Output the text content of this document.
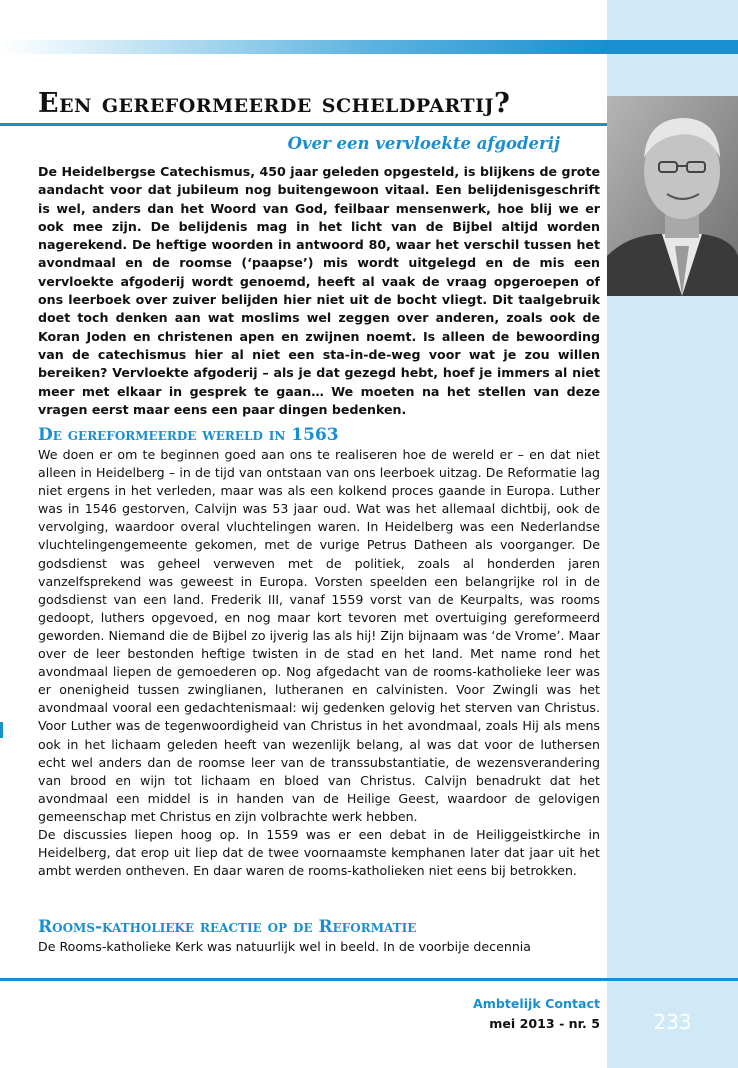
Een gereformeerde scheldpartij?
Over een vervloekte afgoderij

De Heidelbergse Catechismus, 450 jaar geleden opgesteld, is blijkens de grote aandacht voor dat jubileum nog buitengewoon vitaal. Een belijdenisgeschrift is wel, anders dan het Woord van God, feilbaar mensenwerk, hoe blij we er ook mee zijn. De belijdenis mag in het licht van de Bijbel altijd worden nagerekend. De heftige woorden in antwoord 80, waar het verschil tussen het avondmaal en de roomse (‘paapse’) mis wordt uitgelegd en de mis een vervloekte afgoderij wordt genoemd, heeft al vaak de vraag opgeroepen of ons leerboek over zuiver belijden hier niet uit de bocht vliegt. Dit taalgebruik doet toch denken aan wat moslims wel zeggen over anderen, zoals ook de Koran Joden en christenen apen en zwijnen noemt. Is alleen de bewoording van de catechismus hier al niet een sta-in-de-weg voor wat je zou willen bereiken? Vervloekte afgoderij – als je dat gezegd hebt, hoef je immers al niet meer met elkaar in gesprek te gaan… We moeten na het stellen van deze vragen eerst maar eens een paar dingen bedenken.

De gereformeerde wereld in 1563

We doen er om te beginnen goed aan ons te realiseren hoe de wereld er – en dat niet alleen in Heidelberg – in de tijd van ontstaan van ons leerboek uitzag. De Reformatie lag niet ergens in het verleden, maar was als een kolkend proces gaande in Europa. Luther was in 1546 gestorven, Calvijn was 53 jaar oud. Wat was het allemaal dichtbij, ook de vervolging, waardoor overal vluchtelingen waren. In Heidelberg was een Nederlandse vluchtelingengemeente gekomen, met de vurige Petrus Datheen als voorganger. De godsdienst was geheel verweven met de politiek, zoals al honderden jaren vanzelfsprekend was geweest in Europa. Vorsten speelden een belangrijke rol in de godsdienst van een land. Frederik III, vanaf 1559 vorst van de Keurpalts, was rooms gedoopt, luthers opgevoed, en nog maar kort tevoren met overtuiging gereformeerd geworden. Niemand die de Bijbel zo ijverig las als hij! Zijn bijnaam was ‘de Vrome’. Maar over de leer bestonden heftige twisten in de stad en het land. Met name rond het avondmaal liepen de gemoederen op. Nog afgedacht van de rooms-katholieke leer was er onenigheid tussen zwinglianen, lutheranen en calvinisten. Voor Zwingli was het avondmaal vooral een gedachtenismaal: wij gedenken gelovig het sterven van Christus. Voor Luther was de tegenwoordigheid van Christus in het avondmaal, zoals Hij als mens ook in het lichaam geleden heeft van wezenlijk belang, al was dat voor de luthersen echt wel anders dan de roomse leer van de transsubstantiatie, de wezensverandering van brood en wijn tot lichaam en bloed van Christus. Calvijn benadrukt dat het avondmaal een middel is in handen van de Heilige Geest, waardoor de gelovigen gemeenschap met Christus en zijn volbrachte werk hebben.

De discussies liepen hoog op. In 1559 was er een debat in de Heiliggeistkirche in Heidelberg, dat erop uit liep dat de twee voornaamste kemphanen later dat jaar uit het ambt werden ontheven. En daar waren de rooms-katholieken niet eens bij betrokken.

Rooms-katholieke reactie op de Reformatie

De Rooms-katholieke Kerk was natuurlijk wel in beeld. In de voorbije decennia

Ambtelijk Contact

mei 2013 - nr. 5	233
